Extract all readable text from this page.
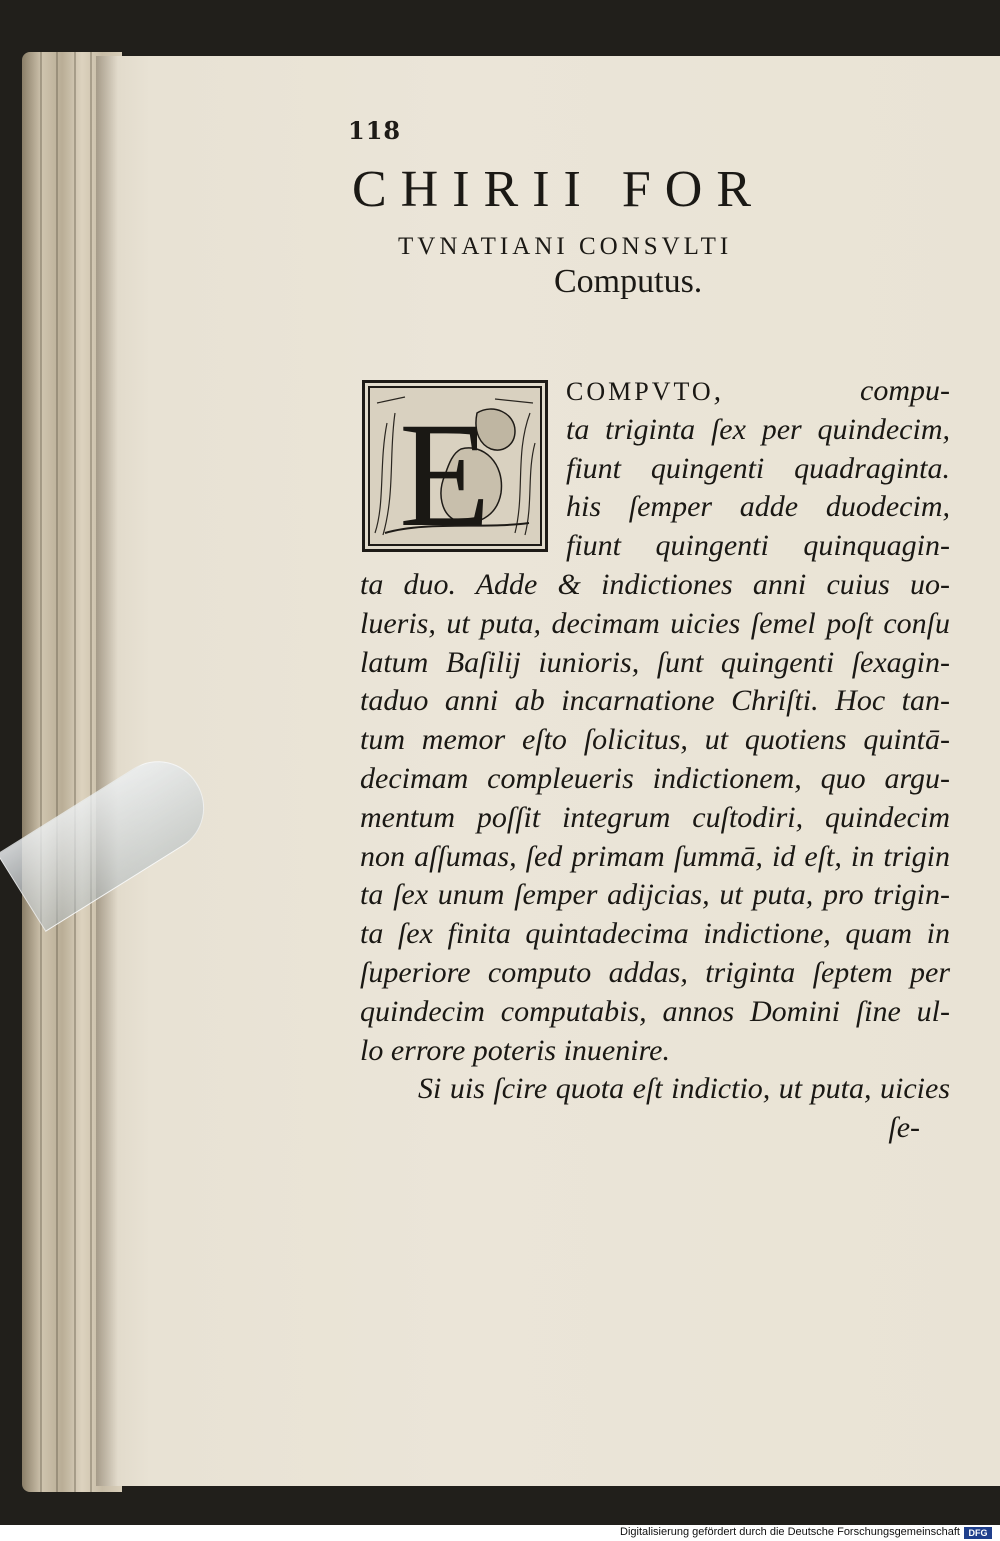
118
CHIRII FOR
TVNATIANI CONSVLTI
Computus.
E
COMPVTO, compu-
ta triginta ſex per quindecim,
fiunt quingenti quadraginta.
his ſemper adde duodecim,
fiunt quingenti quinquagin-
ta duo. Adde & indictiones anni cuius uo-
lueris, ut puta, decimam uicies ſemel poſt conſu
latum Baſilij iunioris, ſunt quingenti ſexagin-
taduo anni ab incarnatione Chriſti. Hoc tan-
tum memor eſto ſolicitus, ut quotiens quintā-
decimam compleueris indictionem, quo argu-
mentum poſſit integrum cuſtodiri, quindecim
non aſſumas, ſed primam ſummā, id eſt, in trigin
ta ſex unum ſemper adijcias, ut puta, pro trigin-
ta ſex finita quintadecima indictione, quam in
ſuperiore computo addas, triginta ſeptem per
quindecim computabis, annos Domini ſine ul-
lo errore poteris inuenire.
Si uis ſcire quota eſt indictio, ut puta, uicies
ſe-
Digitalisierung gefördert durch die Deutsche Forschungsgemeinschaft DFG
